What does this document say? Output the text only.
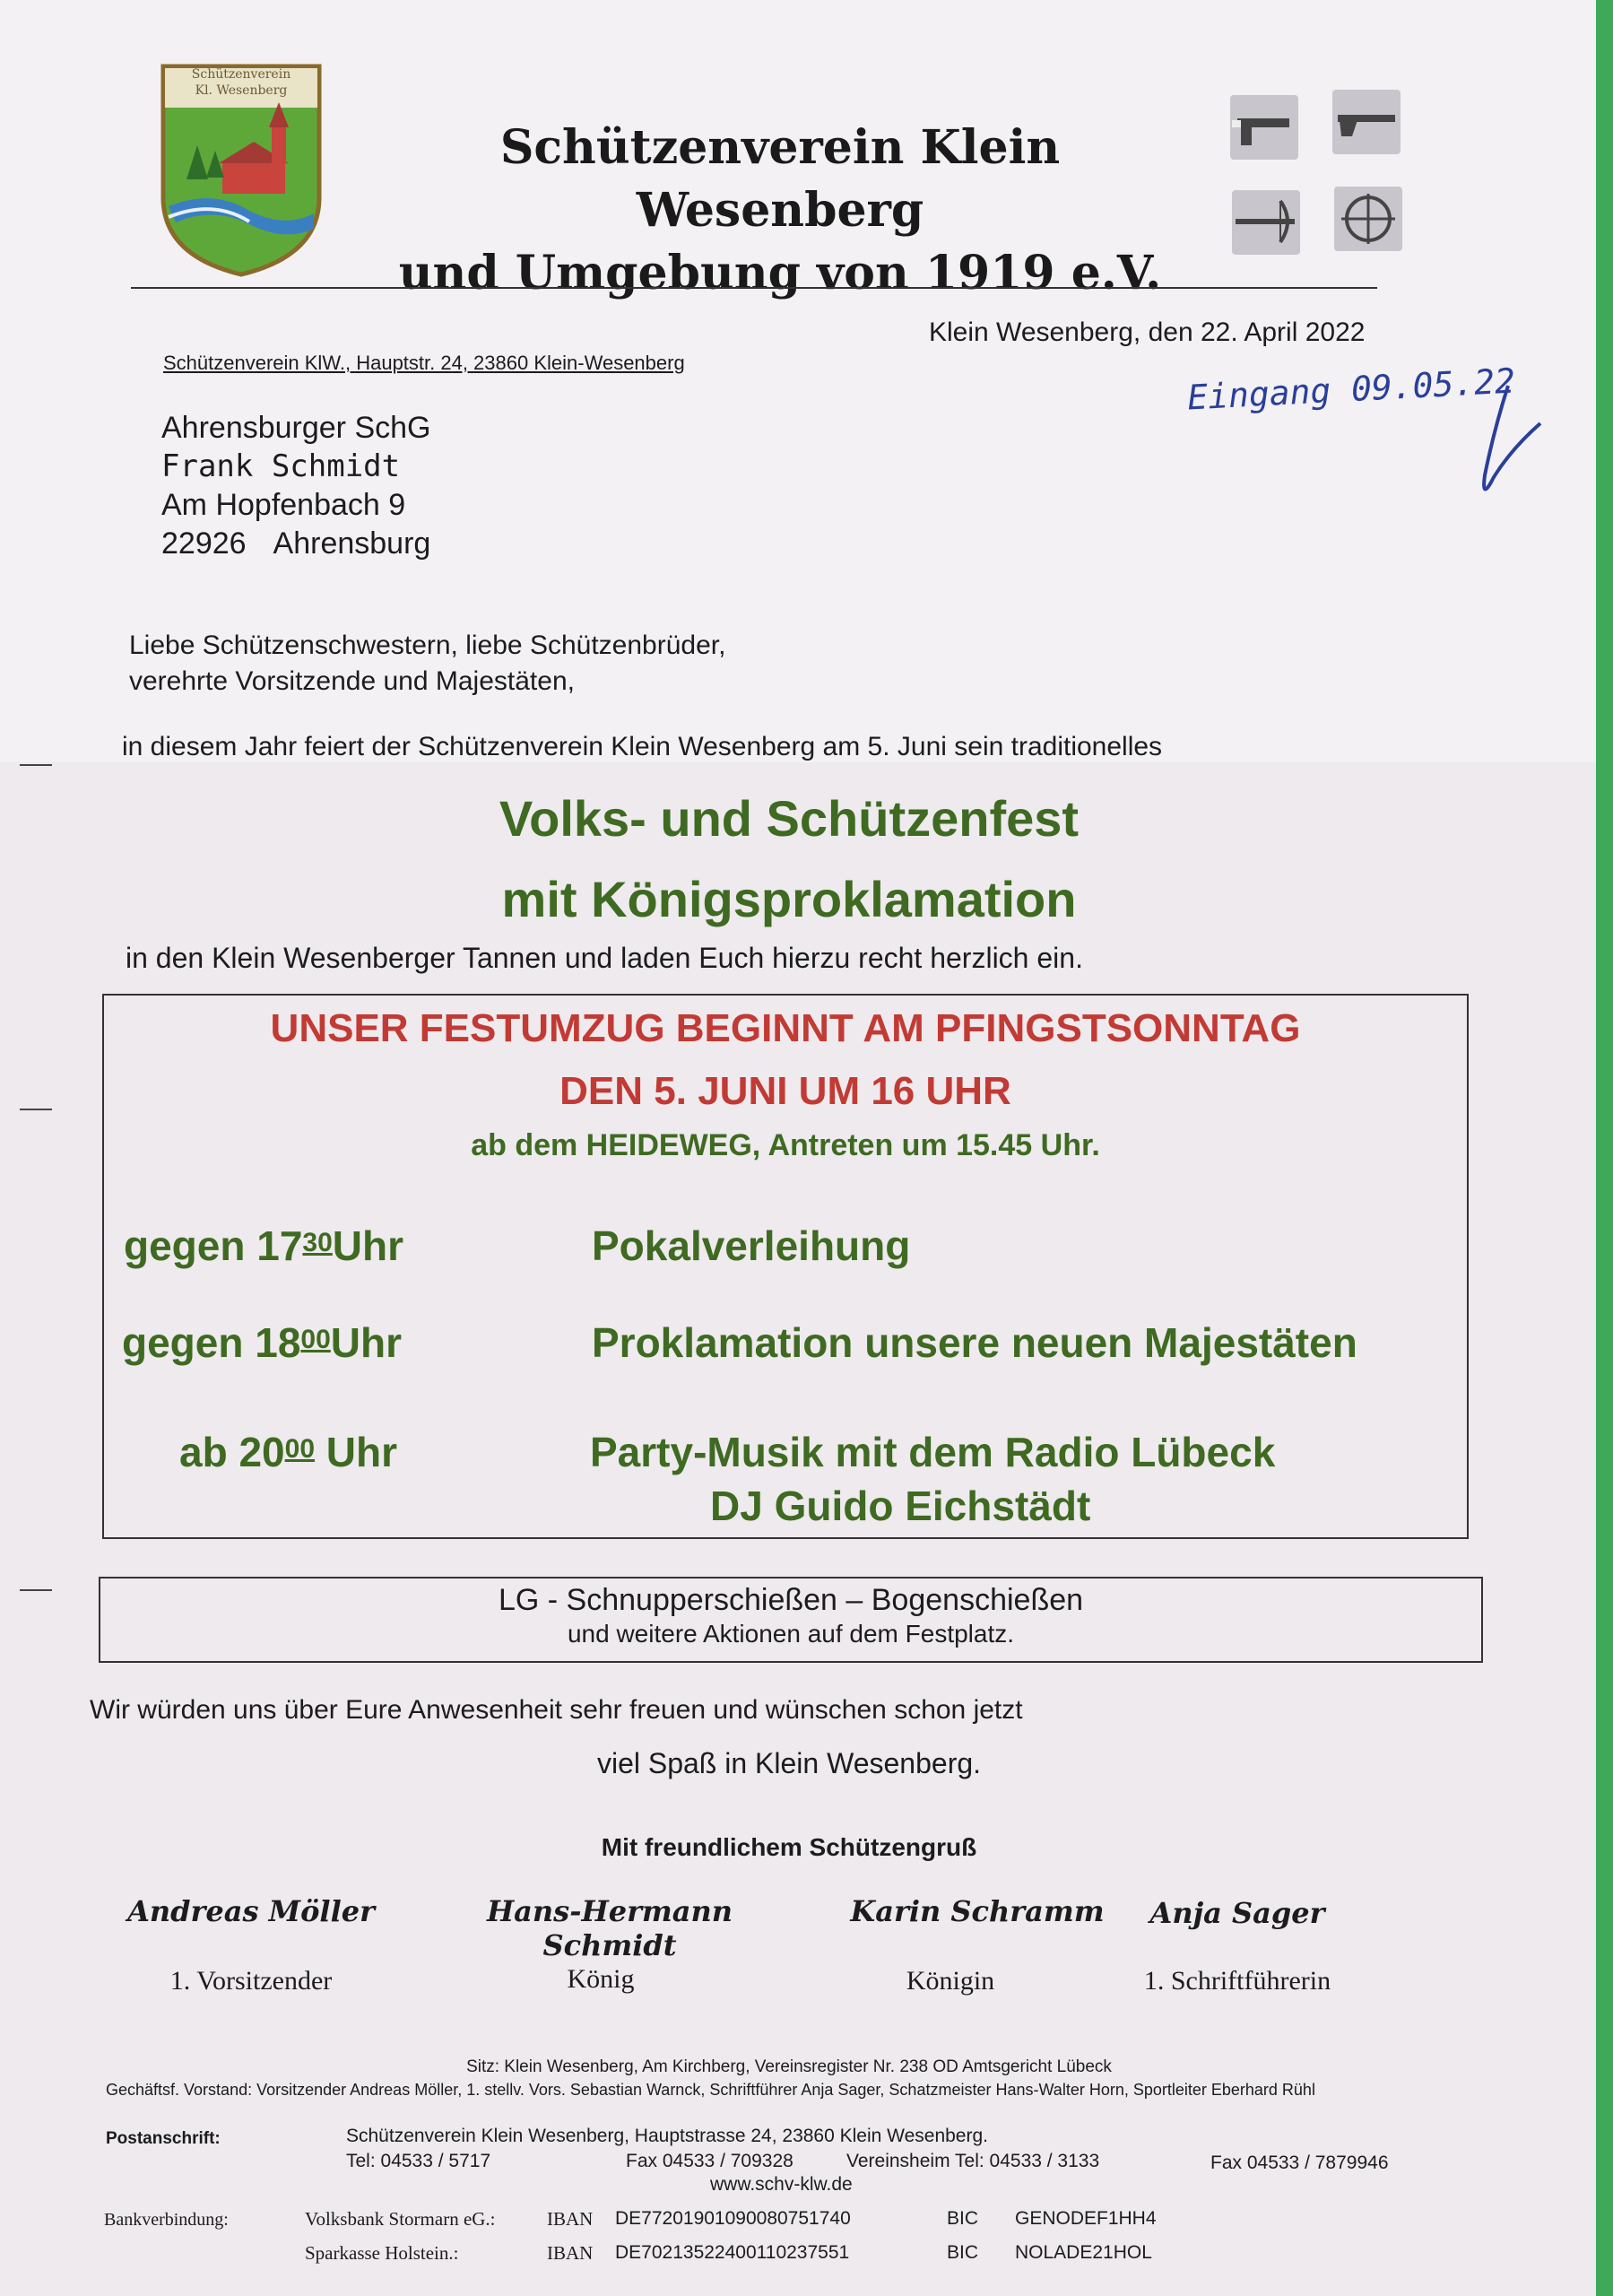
Schützenverein
Kl. Wesenberg
Schützenverein Klein Wesenberg
und Umgebung von 1919 e.V.
Schützenverein KlW., Hauptstr. 24, 23860 Klein-Wesenberg
Klein Wesenberg, den 22. April 2022
Eingang 09.05.22
Ahrensburger SchG
Frank Schmidt
Am Hopfenbach 9
22926 Ahrensburg
Liebe Schützenschwestern, liebe Schützenbrüder,
verehrte Vorsitzende und Majestäten,
in diesem Jahr feiert der Schützenverein Klein Wesenberg am 5. Juni sein traditionelles
Volks- und Schützenfest
mit Königsproklamation
in den Klein Wesenberger Tannen und laden Euch hierzu recht herzlich ein.
UNSER FESTUMZUG BEGINNT AM PFINGSTSONNTAG
DEN 5. JUNI UM 16 UHR
ab dem HEIDEWEG, Antreten um 15.45 Uhr.
gegen $17^{30}Uhr$	Pokalverleihung
gegen $18^{00}Uhr$	Proklamation unsere neuen Majestäten
ab $20^{00}$ Uhr	Party-Musik mit dem Radio Lübeck
DJ Guido Eichstädt
LG - Schnupperschießen – Bogenschießen
und weitere Aktionen auf dem Festplatz.
Wir würden uns über Eure Anwesenheit sehr freuen und wünschen schon jetzt
viel Spaß in Klein Wesenberg.
Mit freundlichem Schützengruß
Andreas Möller
1. Vorsitzender
Hans-Hermann Schmidt
König
Karin Schramm
Königin
Anja Sager
1. Schriftführerin
Sitz: Klein Wesenberg, Am Kirchberg, Vereinsregister Nr. 238 OD Amtsgericht Lübeck
Gechäftsf. Vorstand: Vorsitzender Andreas Möller, 1. stellv. Vors. Sebastian Warnck, Schriftführer Anja Sager, Schatzmeister Hans-Walter Horn, Sportleiter Eberhard Rühl
Postanschrift:	Schützenverein Klein Wesenberg, Hauptstrasse 24, 23860 Klein Wesenberg.
Tel: 04533 / 5717	Fax 04533 / 709328	Vereinsheim Tel: 04533 / 3133	Fax 04533 / 7879946
www.schv-klw.de
Bankverbindung:	Volksbank Stormarn eG.:	IBAN DE77201901090080751740	BIC GENODEF1HH4
Sparkasse Holstein.:	IBAN DE70213522400110237551	BIC NOLADE21HOL
